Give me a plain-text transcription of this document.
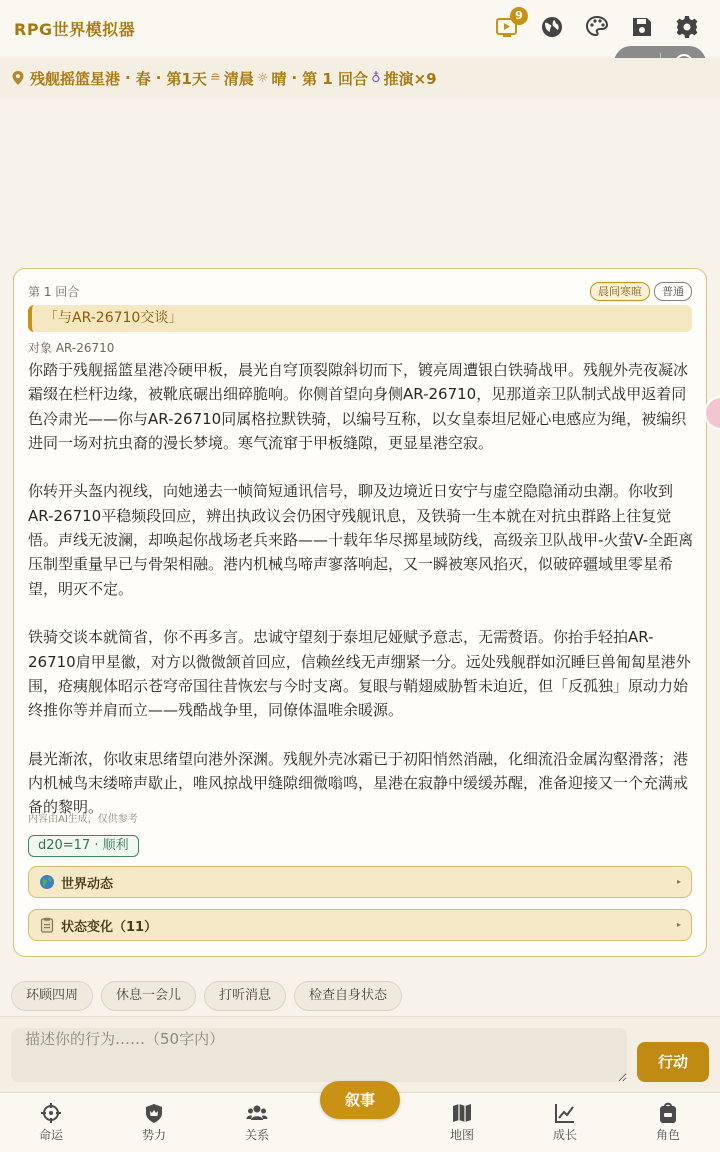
RPG世界模拟器
9
残舰摇篮星港 · 春 · 第1天 ≘ 清晨 ☼ 晴 · 第 1 回合 ♁ 推演×9
第 1 回合	晨间寒暄	普通
「与AR-26710交谈」
对象 AR-26710

你踏于残舰摇篮星港冷硬甲板，晨光自穹顶裂隙斜切而下，镀亮周遭银白铁骑战甲。残舰外壳夜凝冰霜缀在栏杆边缘，被靴底碾出细碎脆响。你侧首望向身侧AR-26710，见那道亲卫队制式战甲返着同色冷肃光——你与AR-26710同属格拉默铁骑，以编号互称，以女皇泰坦尼娅心电感应为绳，被编织进同一场对抗虫裔的漫长梦境。寒气流窜于甲板缝隙，更显星港空寂。

你转开头盔内视线，向她递去一帧简短通讯信号，聊及边境近日安宁与虚空隐隐涌动虫潮。你收到AR-26710平稳频段回应，辨出执政议会仍困守残舰讯息，及铁骑一生本就在对抗虫群路上往复觉悟。声线无波澜，却唤起你战场老兵来路——十载年华尽掷星域防线，高级亲卫队战甲-火萤V-全距离压制型重量早已与骨架相融。港内机械鸟啼声寥落响起，又一瞬被寒风掐灭，似破碎疆域里零星希望，明灭不定。

铁骑交谈本就简省，你不再多言。忠诚守望刻于泰坦尼娅赋予意志，无需赘语。你抬手轻拍AR-26710肩甲星徽，对方以微微颔首回应，信赖丝线无声绷紧一分。远处残舰群如沉睡巨兽匍匐星港外围，疮痍舰体昭示苍穹帝国往昔恢宏与今时支离。复眼与鞘翅威胁暂未迫近，但「反孤独」原动力始终推你等并肩而立——残酷战争里，同僚体温唯余暖源。

晨光渐浓，你收束思绪望向港外深渊。残舰外壳冰霜已于初阳悄然消融，化细流沿金属沟壑滑落；港内机械鸟末缕啼声歇止，唯风掠战甲缝隙细微嗡鸣，星港在寂静中缓缓苏醒，准备迎接又一个充满戒备的黎明。

内容由AI生成，仅供参考
d20=17 · 顺利
世界动态	▸
状态变化（11）	▸
环顾四周	休息一会儿	打听消息	检查自身状态
描述你的行为……（50字内）
行动
命运	势力	关系	地图	成长	角色
叙事
